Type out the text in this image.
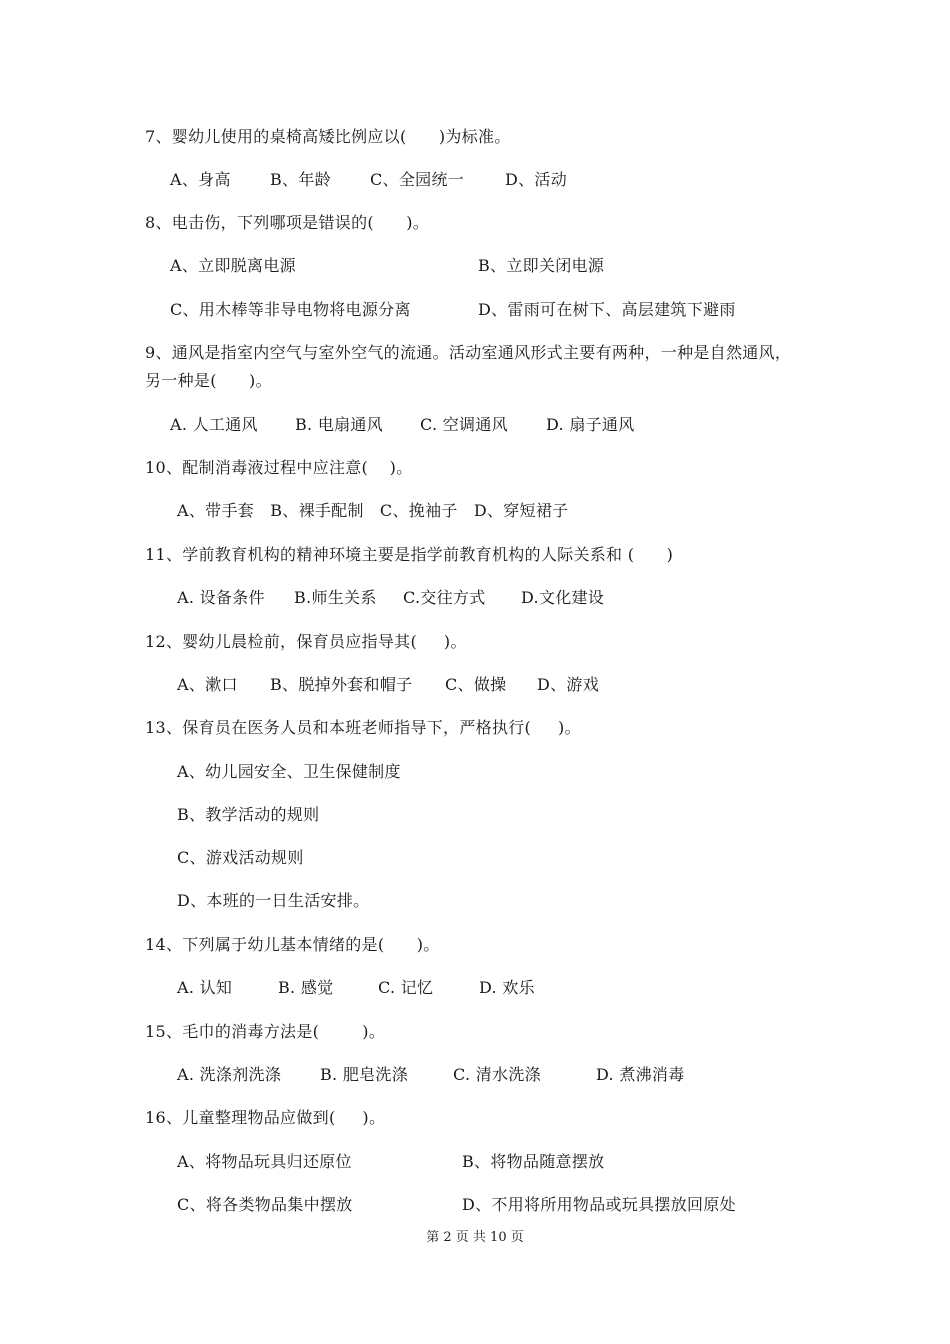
7、婴幼儿使用的桌椅高矮比例应以(      )为标准。
A、身高 B、年龄 C、全园统一	D、活动
8、电击伤，下列哪项是错误的(      )。
A、立即脱离电源	B、立即关闭电源
C、用木棒等非导电物将电源分离	D、雷雨可在树下、高层建筑下避雨
9、通风是指室内空气与室外空气的流通。活动室通风形式主要有两种，一种是自然通风，
另一种是(      )。
A. 人工通风 B. 电扇通风 C. 空调通风 D. 扇子通风
10、配制消毒液过程中应注意(    )。
A、带手套   B、裸手配制   C、挽袖子   D、穿短裙子
11、学前教育机构的精神环境主要是指学前教育机构的人际关系和 (      )
A. 设备条件 B.师生关系 C.交往方式 D.文化建设
12、婴幼儿晨检前，保育员应指导其(     )。
A、漱口 B、脱掉外套和帽子 C、做操 D、游戏
13、保育员在医务人员和本班老师指导下，严格执行(     )。
A、幼儿园安全、卫生保健制度
B、教学活动的规则
C、游戏活动规则
D、本班的一日生活安排。
14、下列属于幼儿基本情绪的是(      )。
A. 认知	B. 感觉	C. 记忆	D. 欢乐
15、毛巾的消毒方法是(        )。
A. 洗涤剂洗涤 B. 肥皂洗涤	C. 清水洗涤	D. 煮沸消毒
16、儿童整理物品应做到(     )。
A、将物品玩具归还原位	B、将物品随意摆放
C、将各类物品集中摆放	D、不用将所用物品或玩具摆放回原处
第 2 页 共 10 页
